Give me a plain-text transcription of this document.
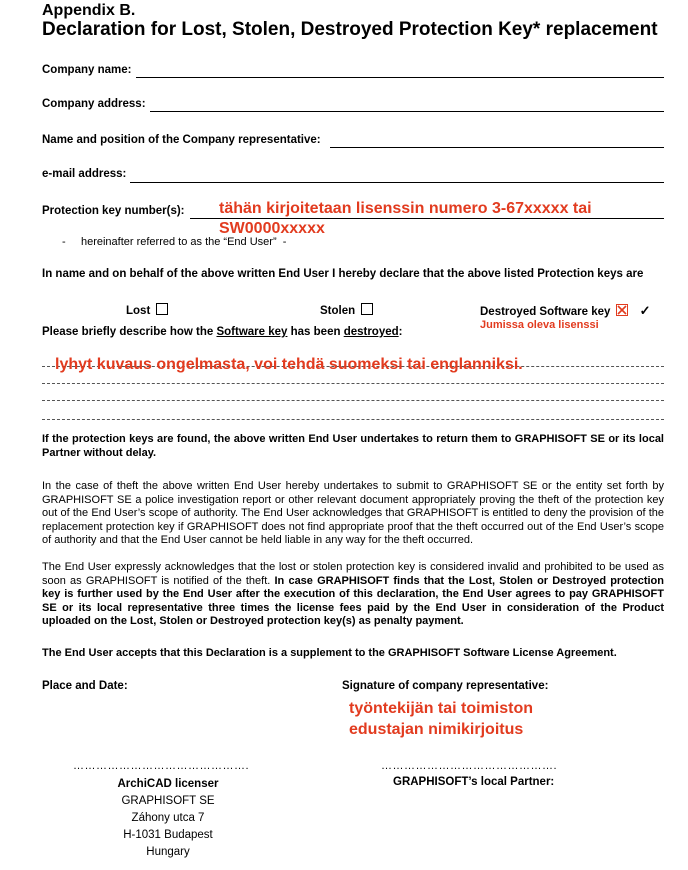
Appendix B.
Declaration for Lost, Stolen, Destroyed Protection Key* replacement
Company name:
Company address:
Name and position of the Company representative:
e-mail address:
Protection key number(s): tähän kirjoitetaan lisenssin numero 3-67xxxxx tai
SW0000xxxxx
- hereinafter referred to as the “End User” -
In name and on behalf of the above written End User I hereby declare that the above listed Protection keys are
Lost	Stolen	Destroyed Software key ✓
Jumissa oleva lisenssi
Please briefly describe how the Software key has been destroyed:
lyhyt kuvaus ongelmasta, voi tehdä suomeksi tai englanniksi.
If the protection keys are found, the above written End User undertakes to return them to GRAPHISOFT SE or its local Partner without delay.
In the case of theft the above written End User hereby undertakes to submit to GRAPHISOFT SE or the entity set forth by GRAPHISOFT SE a police investigation report or other relevant document appropriately proving the theft of the protection key out of the End User’s scope of authority. The End User acknowledges that GRAPHISOFT is entitled to deny the provision of the replacement protection key if GRAPHISOFT does not find appropriate proof that the theft occurred out of the End User’s scope of authority and that the End User cannot be held liable in any way for the theft occurred.
The End User expressly acknowledges that the lost or stolen protection key is considered invalid and prohibited to be used as soon as GRAPHISOFT is notified of the theft. In case GRAPHISOFT finds that the Lost, Stolen or Destroyed protection key is further used by the End User after the execution of this declaration, the End User agrees to pay GRAPHISOFT SE or its local representative three times the license fees paid by the End User in consideration of the Product uploaded on the Lost, Stolen or Destroyed protection key(s) as penalty payment.
The End User accepts that this Declaration is a supplement to the GRAPHISOFT Software License Agreement.
Place and Date:	Signature of company representative:
työntekijän tai toimiston
edustajan nimikirjoitus
……………………………………….	……………………………………….
ArchiCAD licenser
GRAPHISOFT SE
Záhony utca 7
H-1031 Budapest
Hungary
GRAPHISOFT’s local Partner:
